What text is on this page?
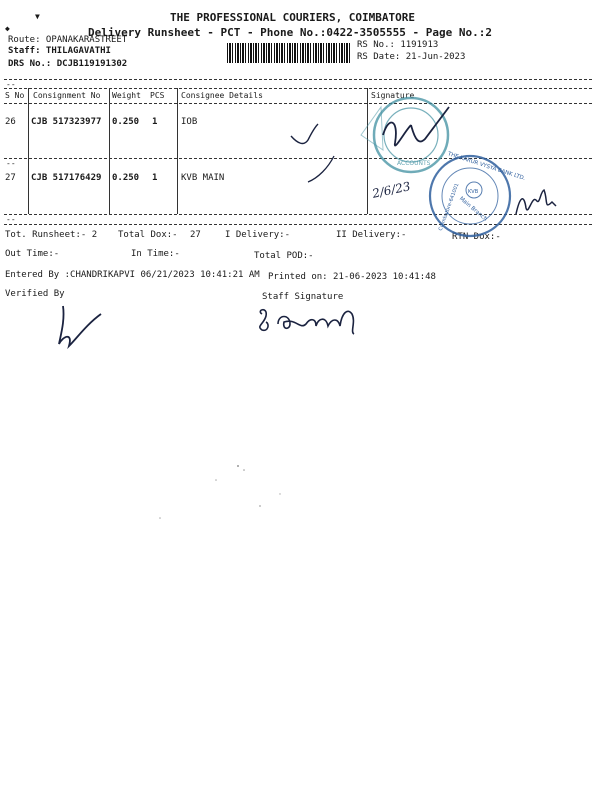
▼
◆
THE PROFESSIONAL COURIERS, COIMBATORE
Delivery Runsheet - PCT - Phone No.:0422-3505555 - Page No.:2
Route: OPANAKARASTREET
Staff: THILAGAVATHI
DRS No.: DCJB119191302
RS No.: 1191913
RS Date: 21-Jun-2023
--
S No Consignment No Weight PCS Consignee Details	Signature
26 CJB 517323977 0.250 1	IOB
--
27 CJB 517176429 0.250 1	KVB MAIN
--
Tot. Runsheet:- 2 Total Dox:- 27	I Delivery:-	II Delivery:-	RTN Dox:-
Out Time:-	In Time:-	Total POD:-
Entered By :CHANDRIKAPVI 06/21/2023 10:41:21 AM Printed on: 21-06-2023 10:41:48
Verified By	Staff Signature
ACCOUNTS
KVB
THE KARUR VYSYA BANK LTD.
Main Branch
Coimbatore-641001
2/6/23
